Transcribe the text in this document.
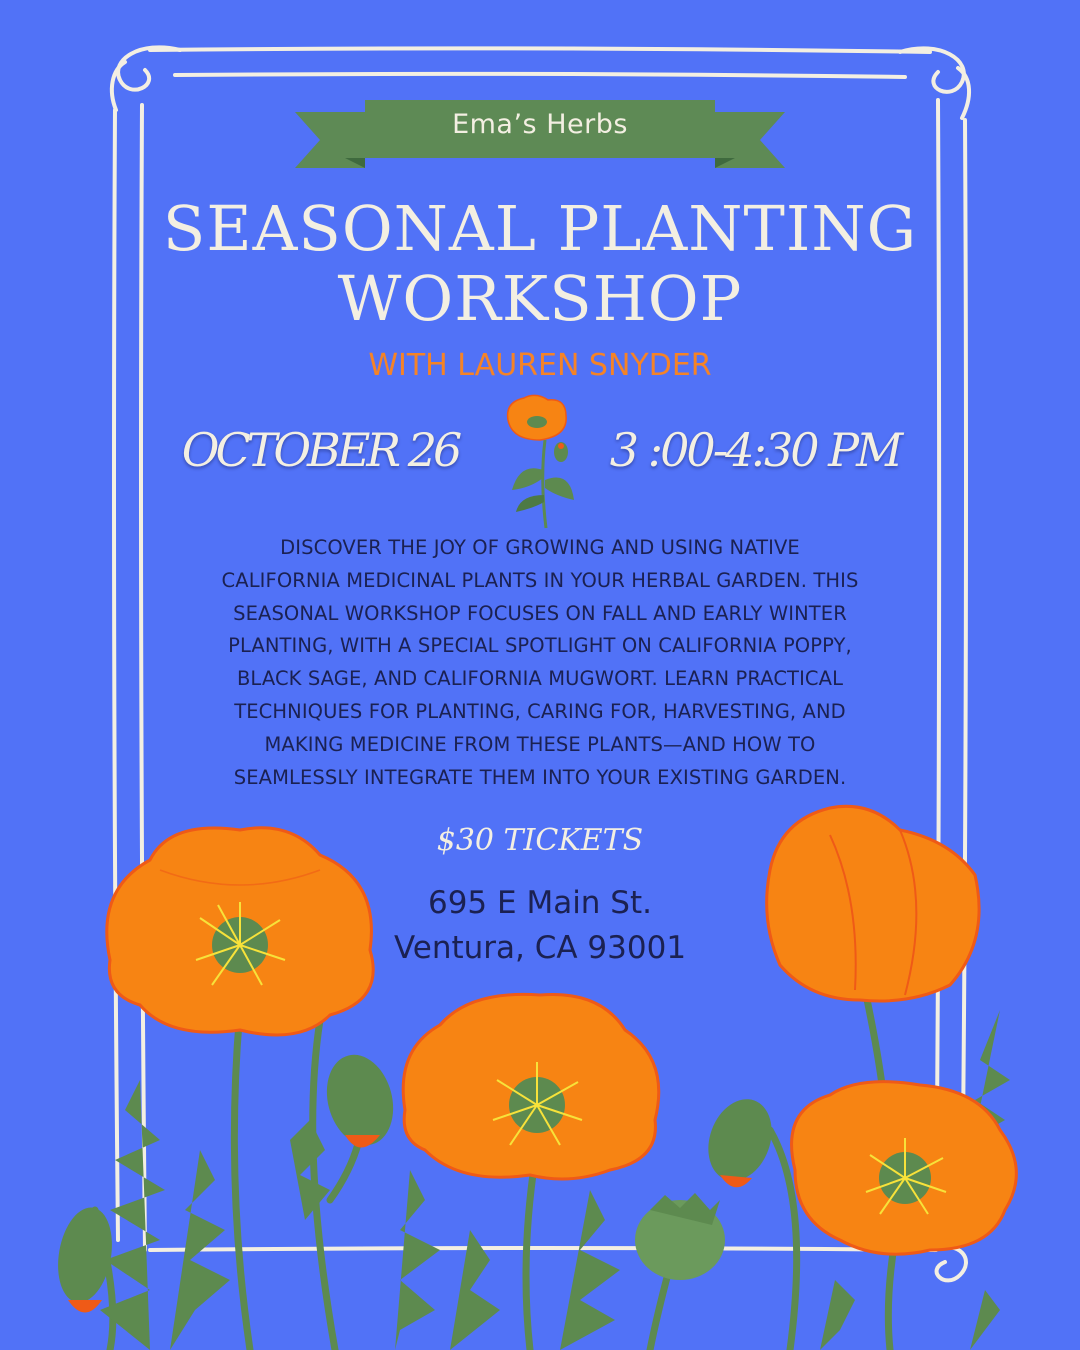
Ema’s Herbs
SEASONAL PLANTING
WORKSHOP
WITH LAUREN SNYDER
OCTOBER 26	3 :00-4:30 PM
DISCOVER THE JOY OF GROWING AND USING NATIVE
CALIFORNIA MEDICINAL PLANTS IN YOUR HERBAL GARDEN. THIS
SEASONAL WORKSHOP FOCUSES ON FALL AND EARLY WINTER
PLANTING, WITH A SPECIAL SPOTLIGHT ON CALIFORNIA POPPY,
BLACK SAGE, AND CALIFORNIA MUGWORT. LEARN PRACTICAL
TECHNIQUES FOR PLANTING, CARING FOR, HARVESTING, AND
MAKING MEDICINE FROM THESE PLANTS—AND HOW TO
SEAMLESSLY INTEGRATE THEM INTO YOUR EXISTING GARDEN.
$30 TICKETS
695 E Main St.
Ventura, CA 93001
